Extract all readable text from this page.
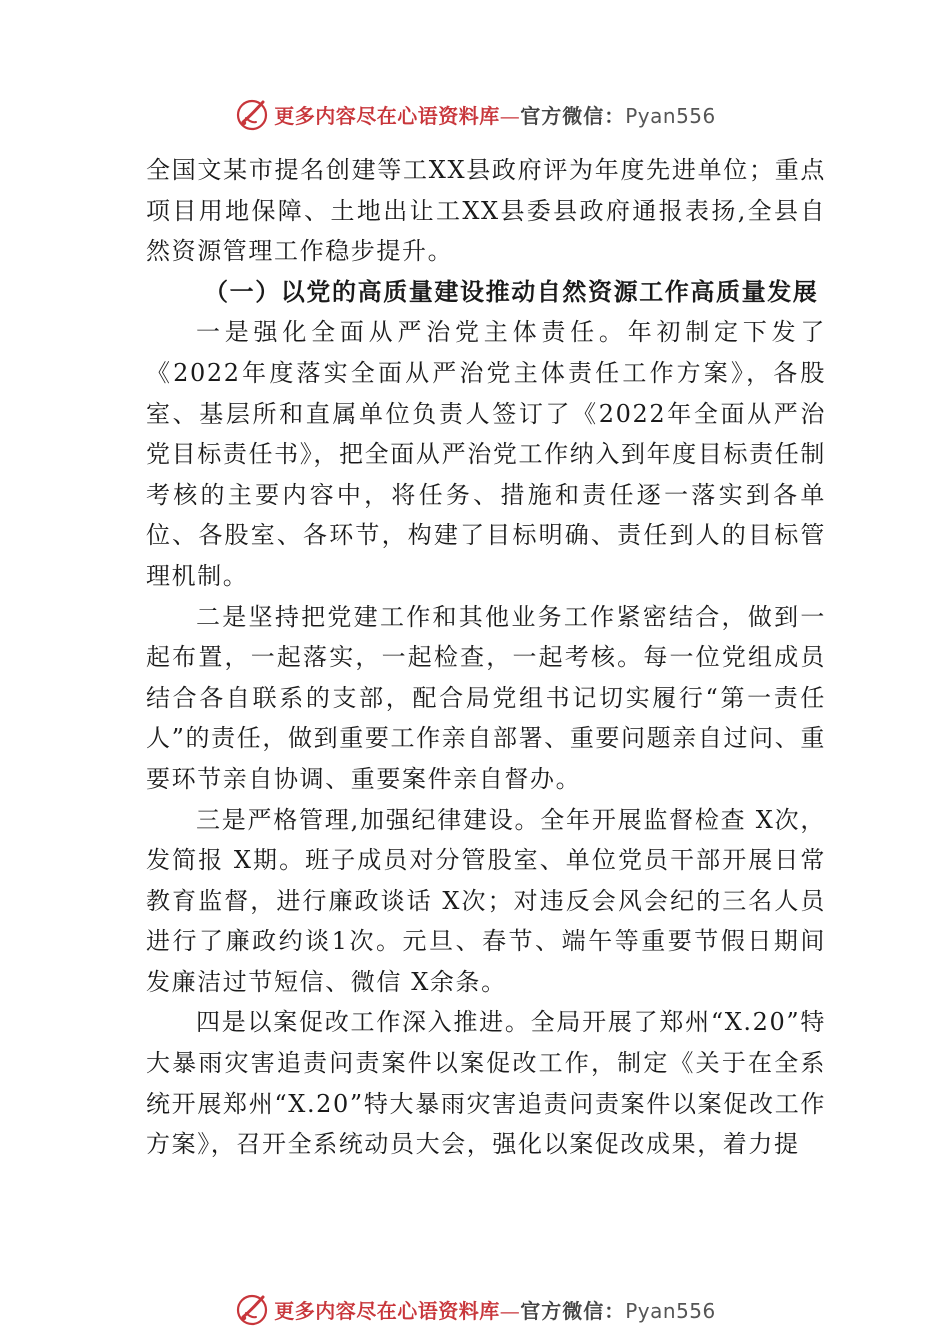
更多内容尽在心语资料库—官方微信：Pyan556

全国文某市提名创建等工XX县政府评为年度先进单位；重点项目用地保障、土地出让工XX县委县政府通报表扬,全县自然资源管理工作稳步提升。

（一）以党的高质量建设推动自然资源工作高质量发展

一是强化全面从严治党主体责任。年初制定下发了《2022年度落实全面从严治党主体责任工作方案》，各股室、基层所和直属单位负责人签订了《2022年全面从严治党目标责任书》，把全面从严治党工作纳入到年度目标责任制考核的主要内容中，将任务、措施和责任逐一落实到各单位、各股室、各环节，构建了目标明确、责任到人的目标管理机制。

二是坚持把党建工作和其他业务工作紧密结合，做到一起布置，一起落实，一起检查，一起考核。每一位党组成员结合各自联系的支部，配合局党组书记切实履行“第一责任人”的责任，做到重要工作亲自部署、重要问题亲自过问、重要环节亲自协调、重要案件亲自督办。

三是严格管理,加强纪律建设。全年开展监督检查 X次，发简报 X期。班子成员对分管股室、单位党员干部开展日常教育监督，进行廉政谈话 X次；对违反会风会纪的三名人员进行了廉政约谈1次。元旦、春节、端午等重要节假日期间发廉洁过节短信、微信 X余条。

四是以案促改工作深入推进。全局开展了郑州“X.20”特大暴雨灾害追责问责案件以案促改工作，制定《关于在全系统开展郑州“X.20”特大暴雨灾害追责问责案件以案促改工作方案》，召开全系统动员大会，强化以案促改成果，着力提

更多内容尽在心语资料库—官方微信：Pyan556
